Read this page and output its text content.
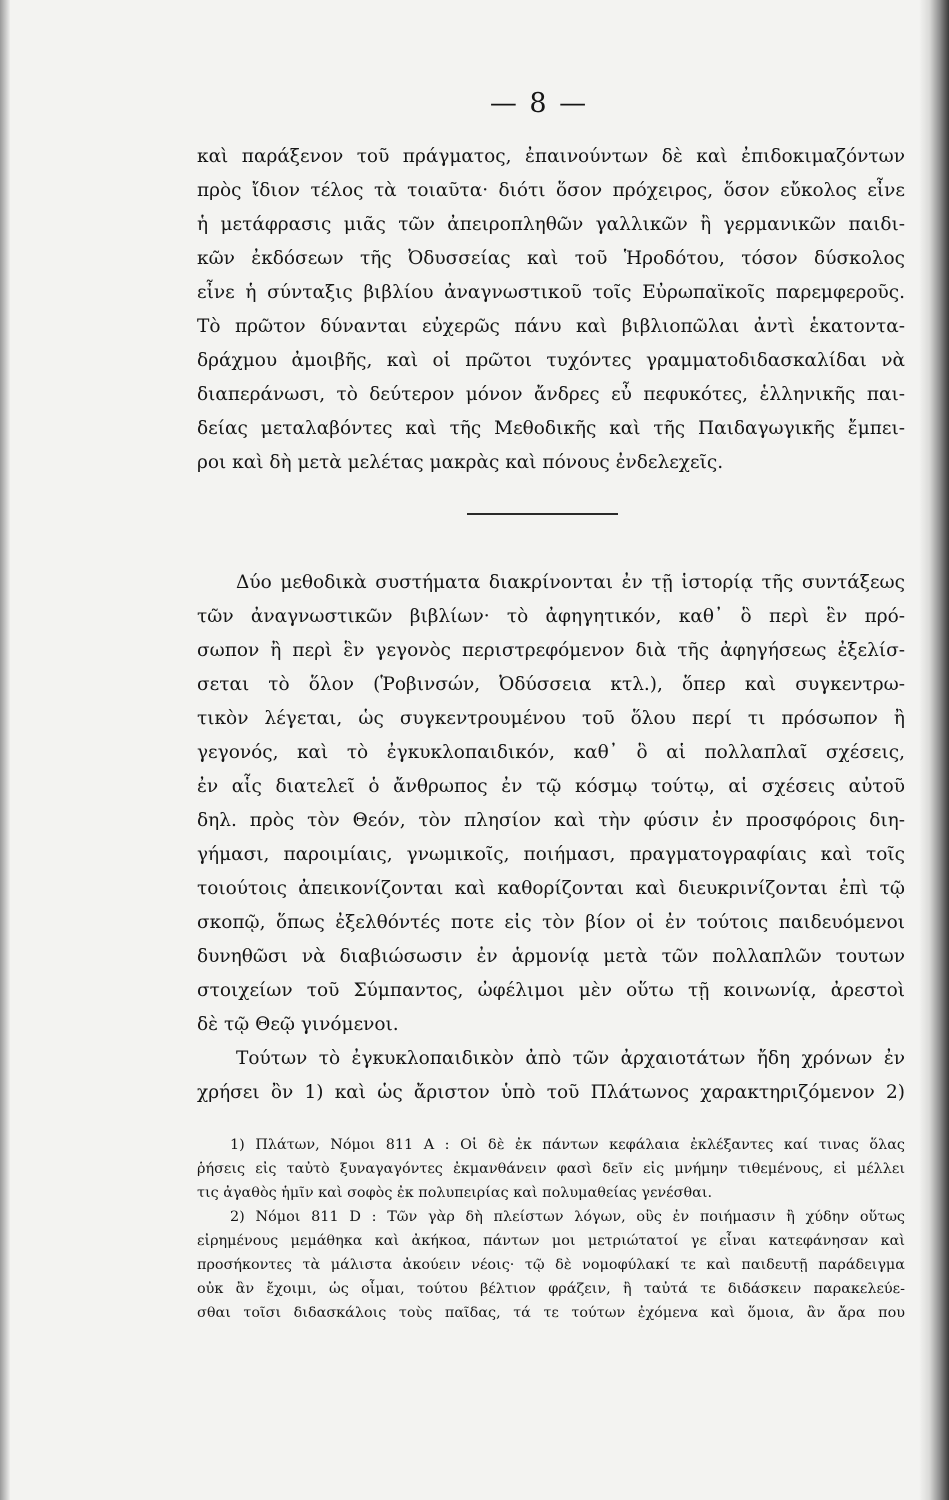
— 8 —
καὶ παράξενον τοῦ πράγματος, ἐπαινούντων δὲ καὶ ἐπιδοκιμαζόντων
πρὸς ἴδιον τέλος τὰ τοιαῦτα· διότι ὅσον πρόχειρος, ὅσον εὔκολος εἶνε
ἡ μετάφρασις μιᾶς τῶν ἀπειροπληθῶν γαλλικῶν ἢ γερμανικῶν παιδι-
κῶν ἐκδόσεων τῆς Ὀδυσσείας καὶ τοῦ Ἡροδότου, τόσον δύσκολος
εἶνε ἡ σύνταξις βιβλίου ἀναγνωστικοῦ τοῖς Εὐρωπαϊκοῖς παρεμφεροῦς.
Τὸ πρῶτον δύνανται εὐχερῶς πάνυ καὶ βιβλιοπῶλαι ἀντὶ ἑκατοντα-
δράχμου ἀμοιβῆς, καὶ οἱ πρῶτοι τυχόντες γραμματοδιδασκαλίδαι νὰ
διαπεράνωσι, τὸ δεύτερον μόνον ἄνδρες εὖ πεφυκότες, ἑλληνικῆς παι-
δείας μεταλαβόντες καὶ τῆς Μεθοδικῆς καὶ τῆς Παιδαγωγικῆς ἔμπει-
ροι καὶ δὴ μετὰ μελέτας μακρὰς καὶ πόνους ἐνδελεχεῖς.
Δύο μεθοδικὰ συστήματα διακρίνονται ἐν τῇ ἱστορίᾳ τῆς συντάξεως
τῶν ἀναγνωστικῶν βιβλίων· τὸ ἀφηγητικόν, καθ᾽ ὃ περὶ ἓν πρό-
σωπον ἢ περὶ ἓν γεγονὸς περιστρεφόμενον διὰ τῆς ἀφηγήσεως ἐξελίσ-
σεται τὸ ὅλον (Ῥοβινσών, Ὀδύσσεια κτλ.), ὅπερ καὶ συγκεντρω-
τικὸν λέγεται, ὡς συγκεντρουμένου τοῦ ὅλου περί τι πρόσωπον ἢ
γεγονός, καὶ τὸ ἐγκυκλοπαιδικόν, καθ᾽ ὃ αἱ πολλαπλαῖ σχέσεις,
ἐν αἷς διατελεῖ ὁ ἄνθρωπος ἐν τῷ κόσμῳ τούτῳ, αἱ σχέσεις αὐτοῦ
δηλ. πρὸς τὸν Θεόν, τὸν πλησίον καὶ τὴν φύσιν ἐν προσφόροις διη-
γήμασι, παροιμίαις, γνωμικοῖς, ποιήμασι, πραγματογραφίαις καὶ τοῖς
τοιούτοις ἀπεικονίζονται καὶ καθορίζονται καὶ διευκρινίζονται ἐπὶ τῷ
σκοπῷ, ὅπως ἐξελθόντές ποτε εἰς τὸν βίον οἱ ἐν τούτοις παιδευόμενοι
δυνηθῶσι νὰ διαβιώσωσιν ἐν ἁρμονίᾳ μετὰ τῶν πολλαπλῶν τουτων
στοιχείων τοῦ Σύμπαντος, ὠφέλιμοι μὲν οὕτω τῇ κοινωνίᾳ, ἀρεστοὶ
δὲ τῷ Θεῷ γινόμενοι.
Τούτων τὸ ἐγκυκλοπαιδικὸν ἀπὸ τῶν ἀρχαιοτάτων ἤδη χρόνων ἐν
χρήσει ὂν 1) καὶ ὡς ἄριστον ὑπὸ τοῦ Πλάτωνος χαρακτηριζόμενον 2)
1) Πλάτων, Νόμοι 811 Α : Οἱ δὲ ἐκ πάντων κεφάλαια ἐκλέξαντες καί τινας ὅλας
ῥήσεις εἰς ταὐτὸ ξυναγαγόντες ἐκμανθάνειν φασὶ δεῖν εἰς μνήμην τιθεμένους, εἰ μέλλει
τις ἀγαθὸς ἡμῖν καὶ σοφὸς ἐκ πολυπειρίας καὶ πολυμαθείας γενέσθαι.
2) Νόμοι 811 D : Τῶν γὰρ δὴ πλείστων λόγων, οὓς ἐν ποιήμασιν ἢ χύδην οὕτως
εἰρημένους μεμάθηκα καὶ ἀκήκοα, πάντων μοι μετριώτατοί γε εἶναι κατεφάνησαν καὶ
προσήκοντες τὰ μάλιστα ἀκούειν νέοις· τῷ δὲ νομοφύλακί τε καὶ παιδευτῇ παράδειγμα
οὐκ ἂν ἔχοιμι, ὡς οἶμαι, τούτου βέλτιον φράζειν, ἢ ταὐτά τε διδάσκειν παρακελεύε-
σθαι τοῖσι διδασκάλοις τοὺς παῖδας, τά τε τούτων ἐχόμενα καὶ ὅμοια, ἂν ἄρα που
